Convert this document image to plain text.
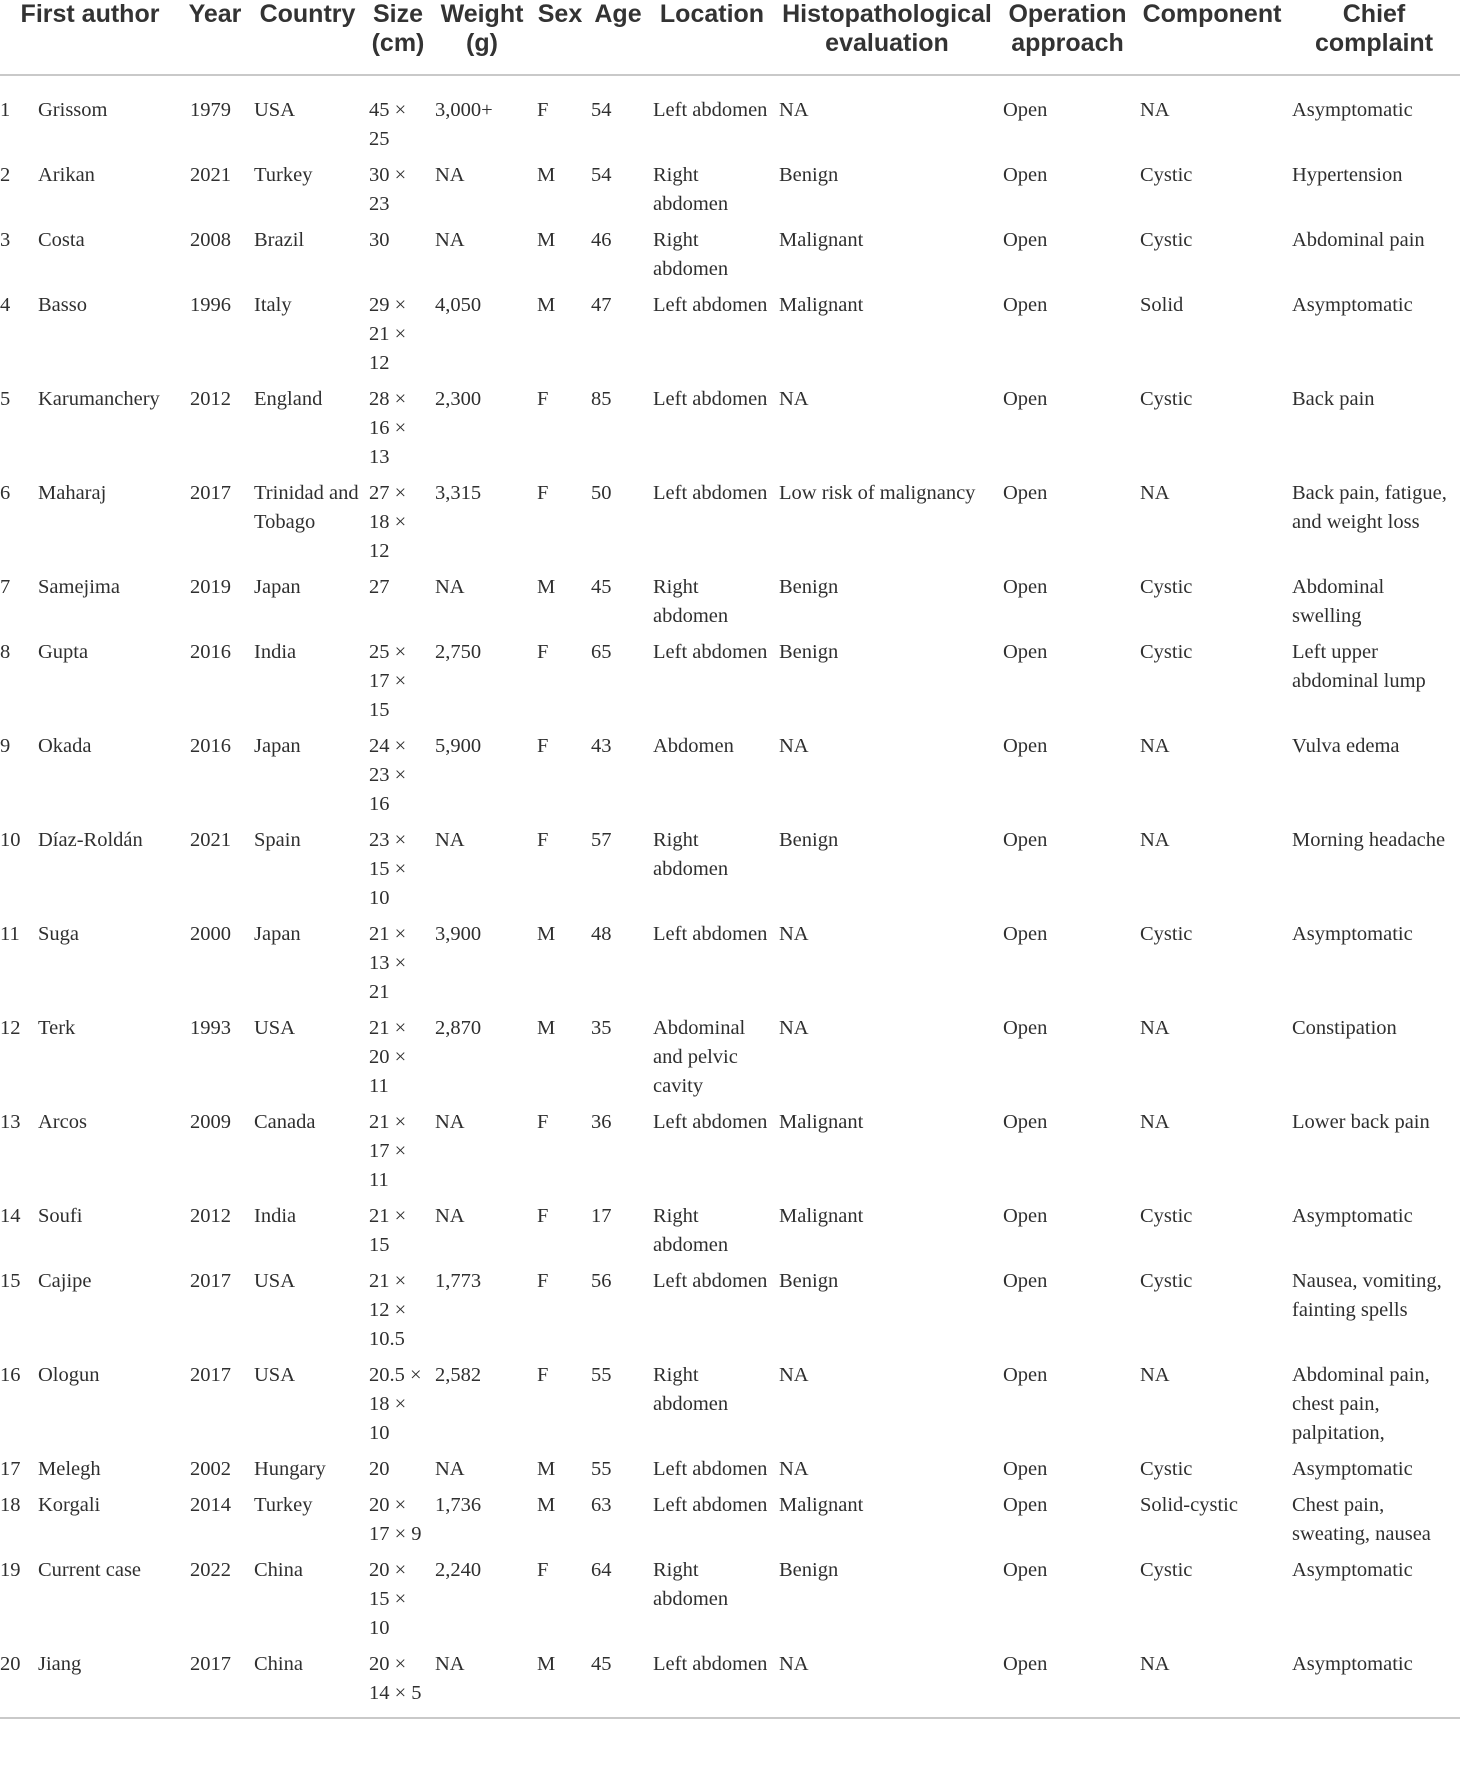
	First author	Year	Country	Size (cm)	Weight (g)	Sex	Age	Location	Histopathological evaluation	Operation approach	Component	Chief complaint
1	Grissom	1979	USA	45 × 25	3,000+	F	54	Left abdomen	NA	Open	NA	Asymptomatic
2	Arikan	2021	Turkey	30 × 23	NA	M	54	Right abdomen	Benign	Open	Cystic	Hypertension
3	Costa	2008	Brazil	30	NA	M	46	Right abdomen	Malignant	Open	Cystic	Abdominal pain
4	Basso	1996	Italy	29 × 21 × 12	4,050	M	47	Left abdomen	Malignant	Open	Solid	Asymptomatic
5	Karumanchery	2012	England	28 × 16 × 13	2,300	F	85	Left abdomen	NA	Open	Cystic	Back pain
6	Maharaj	2017	Trinidad and Tobago	27 × 18 × 12	3,315	F	50	Left abdomen	Low risk of malignancy	Open	NA	Back pain, fatigue, and weight loss
7	Samejima	2019	Japan	27	NA	M	45	Right abdomen	Benign	Open	Cystic	Abdominal swelling
8	Gupta	2016	India	25 × 17 × 15	2,750	F	65	Left abdomen	Benign	Open	Cystic	Left upper abdominal lump
9	Okada	2016	Japan	24 × 23 × 16	5,900	F	43	Abdomen	NA	Open	NA	Vulva edema
10	Díaz-Roldán	2021	Spain	23 × 15 × 10	NA	F	57	Right abdomen	Benign	Open	NA	Morning headache
11	Suga	2000	Japan	21 × 13 × 21	3,900	M	48	Left abdomen	NA	Open	Cystic	Asymptomatic
12	Terk	1993	USA	21 × 20 × 11	2,870	M	35	Abdominal and pelvic cavity	NA	Open	NA	Constipation
13	Arcos	2009	Canada	21 × 17 × 11	NA	F	36	Left abdomen	Malignant	Open	NA	Lower back pain
14	Soufi	2012	India	21 × 15	NA	F	17	Right abdomen	Malignant	Open	Cystic	Asymptomatic
15	Cajipe	2017	USA	21 × 12 × 10.5	1,773	F	56	Left abdomen	Benign	Open	Cystic	Nausea, vomiting, fainting spells
16	Ologun	2017	USA	20.5 × 18 × 10	2,582	F	55	Right abdomen	NA	Open	NA	Abdominal pain, chest pain, palpitation,
17	Melegh	2002	Hungary	20	NA	M	55	Left abdomen	NA	Open	Cystic	Asymptomatic
18	Korgali	2014	Turkey	20 × 17 × 9	1,736	M	63	Left abdomen	Malignant	Open	Solid-cystic	Chest pain, sweating, nausea
19	Current case	2022	China	20 × 15 × 10	2,240	F	64	Right abdomen	Benign	Open	Cystic	Asymptomatic
20	Jiang	2017	China	20 × 14 × 5	NA	M	45	Left abdomen	NA	Open	NA	Asymptomatic
